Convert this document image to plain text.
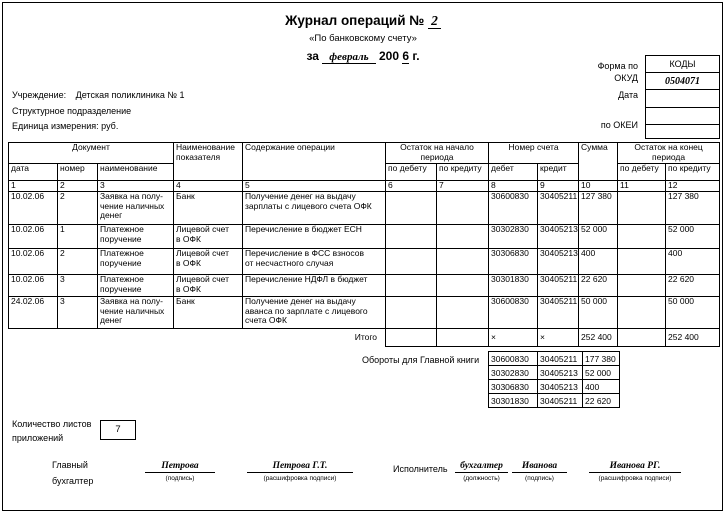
Журнал операций № 2
«По банковскому счету»
за февраль 200 6 г.
Форма по
ОКУД
Дата
по ОКЕИ
КОДЫ
0504071

Учреждение: Детская поликлиника № 1
Структурное подразделение
Единица измерения: руб.
Документ			Наименование
показателя	Содержание операции	Остаток на начало
периода		Номер счета		Сумма	Остаток на конец
периода	
дата	номер	наименование			по дебету	по кредиту	дебет	кредит		по дебету	по кредиту
1	2	3	4	5	6	7	8	9	10	11	12
10.02.06	2	Заявка на полу-
чение наличных
денег	Банк	Получение денег на выдачу
зарплаты с лицевого счета ОФК			30600830	30405211	127 380		127 380
10.02.06	1	Платежное
поручение	Лицевой счет
в ОФК	Перечисление в бюджет ЕСН			30302830	30405213	52 000		52 000
10.02.06	2	Платежное
поручение	Лицевой счет
в ОФК	Перечисление в ФСС взносов
от несчастного случая			30306830	30405213	400		400
10.02.06	3	Платежное
поручение	Лицевой счет
в ОФК	Перечисление НДФЛ в бюджет			30301830	30405211	22 620		22 620
24.02.06	3	Заявка на полу-
чение наличных
денег	Банк	Получение денег на выдачу
аванса по зарплате с лицевого
счета ОФК			30600830	30405211	50 000		50 000
Итого							×	×	252 400		252 400
Обороты для Главной книги 30600830	30405211	177 380
30302830	30405213	52 000
30306830	30405213	400
30301830	30405211	22 620
Количество листов
приложений
7
Главный
бухгалтер
Петрова
(подпись)
Петрова Г.Т.
(расшифровка подписи)
Исполнитель	бухгалтер
(должность)
Иванова
(подпись)
Иванова РГ.
(расшифровка подписи)
